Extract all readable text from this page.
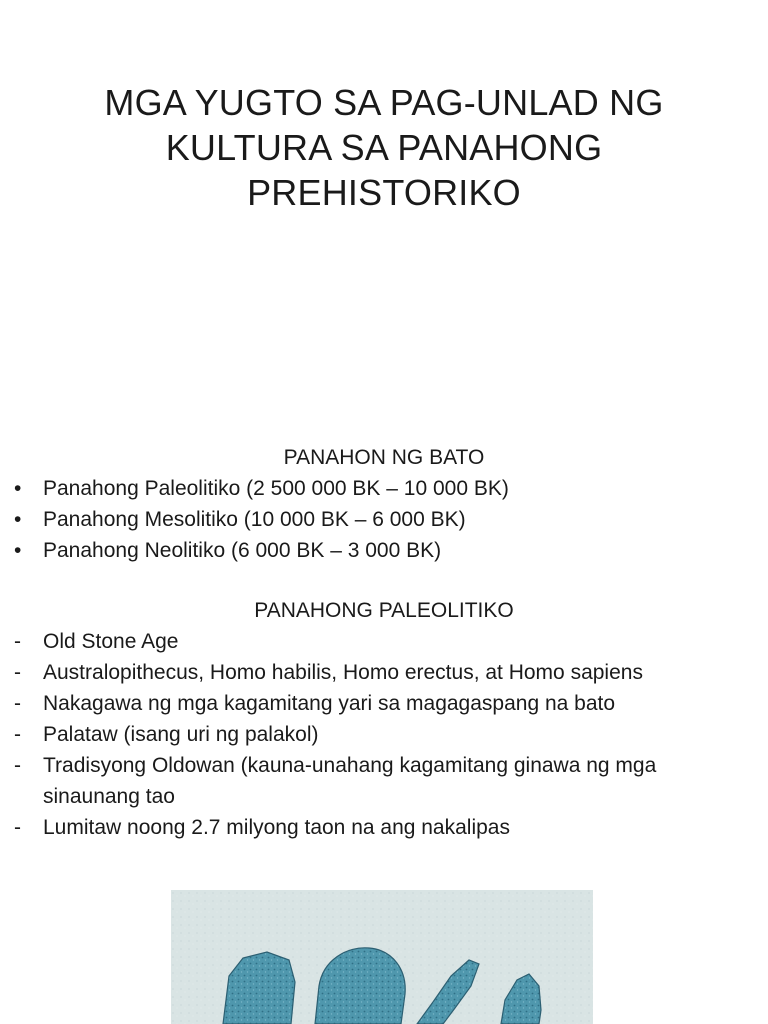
MGA YUGTO SA PAG-UNLAD NG
KULTURA SA PANAHONG
PREHISTORIKO
PANAHON NG BATO
• Panahong Paleolitiko (2 500 000 BK – 10 000 BK)
• Panahong Mesolitiko (10 000 BK – 6 000 BK)
• Panahong Neolitiko (6 000 BK – 3 000 BK)
PANAHONG PALEOLITIKO
- Old Stone Age
- Australopithecus, Homo habilis, Homo erectus, at Homo sapiens
- Nakagawa ng mga kagamitang yari sa magagaspang na bato
- Palataw (isang uri ng palakol)
- Tradisyong Oldowan (kauna-unahang kagamitang ginawa ng mga sinaunang tao
- Lumitaw noong 2.7 milyong taon na ang nakalipas
